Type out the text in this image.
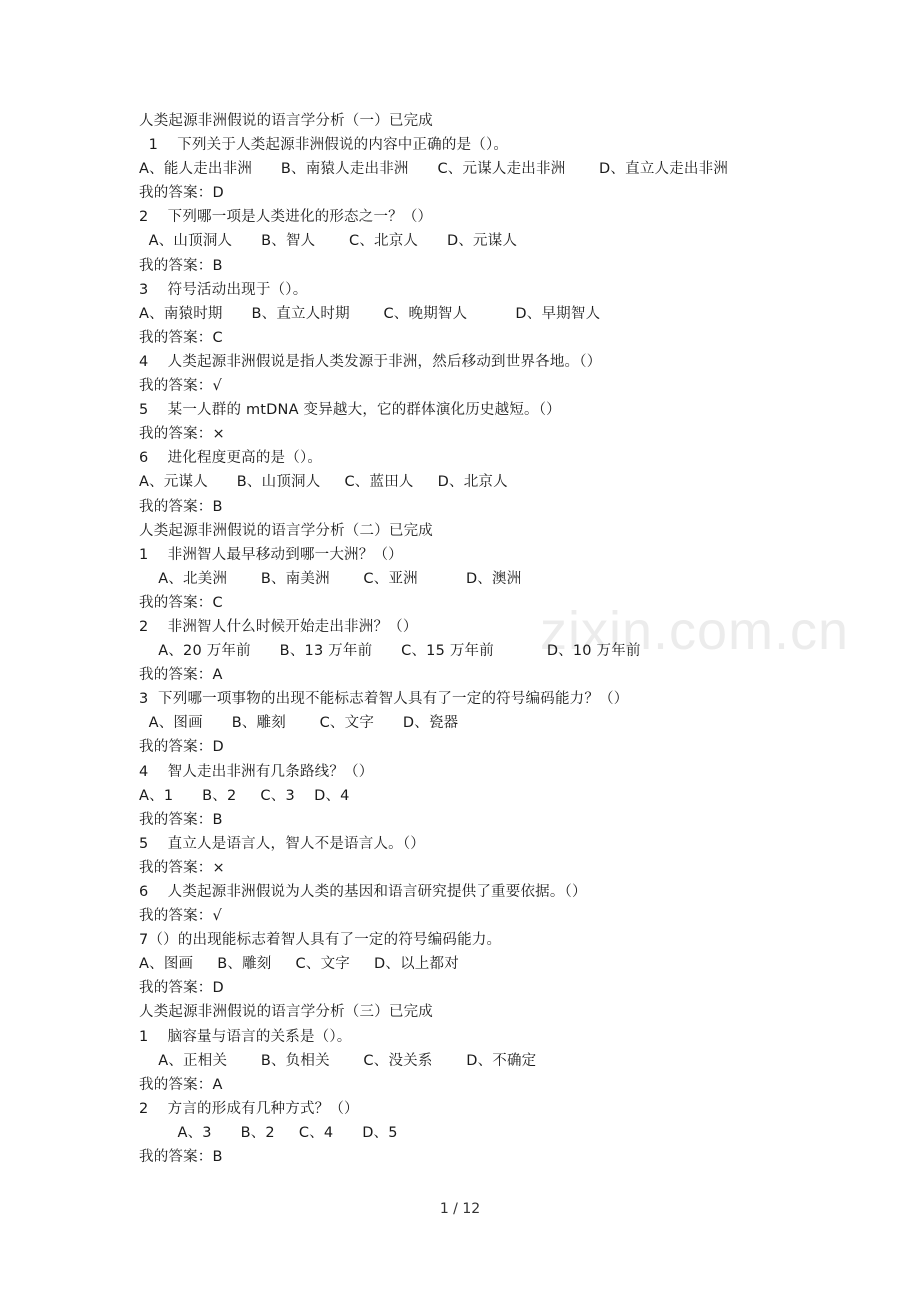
zixin.com.cn
人类起源非洲假说的语言学分析（一）已完成
1    下列关于人类起源非洲假说的内容中正确的是（）。
A、能人走出非洲      B、南猿人走出非洲      C、元谋人走出非洲       D、直立人走出非洲
我的答案：D
2    下列哪一项是人类进化的形态之一？（）
A、山顶洞人      B、智人       C、北京人      D、元谋人
我的答案：B
3    符号活动出现于（）。
A、南猿时期      B、直立人时期       C、晚期智人          D、早期智人
我的答案：C
4    人类起源非洲假说是指人类发源于非洲，然后移动到世界各地。（）
我的答案：√
5    某一人群的 mtDNA 变异越大，它的群体演化历史越短。（）
我的答案：×
6    进化程度更高的是（）。
A、元谋人      B、山顶洞人     C、蓝田人     D、北京人
我的答案：B
人类起源非洲假说的语言学分析（二）已完成
1    非洲智人最早移动到哪一大洲？（）
A、北美洲       B、南美洲       C、亚洲          D、澳洲
我的答案：C
2    非洲智人什么时候开始走出非洲？（）
A、20 万年前      B、13 万年前      C、15 万年前           D、10 万年前
我的答案：A
3  下列哪一项事物的出现不能标志着智人具有了一定的符号编码能力？（）
A、图画      B、雕刻       C、文字      D、瓷器
我的答案：D
4    智人走出非洲有几条路线？（）
A、1      B、2     C、3    D、4
我的答案：B
5    直立人是语言人，智人不是语言人。（）
我的答案：×
6    人类起源非洲假说为人类的基因和语言研究提供了重要依据。（）
我的答案：√
7（）的出现能标志着智人具有了一定的符号编码能力。
A、图画     B、雕刻     C、文字     D、以上都对
我的答案：D
人类起源非洲假说的语言学分析（三）已完成
1    脑容量与语言的关系是（）。
A、正相关       B、负相关       C、没关系       D、不确定
我的答案：A
2    方言的形成有几种方式？（）
A、3      B、2     C、4      D、5
我的答案：B
1 / 12
